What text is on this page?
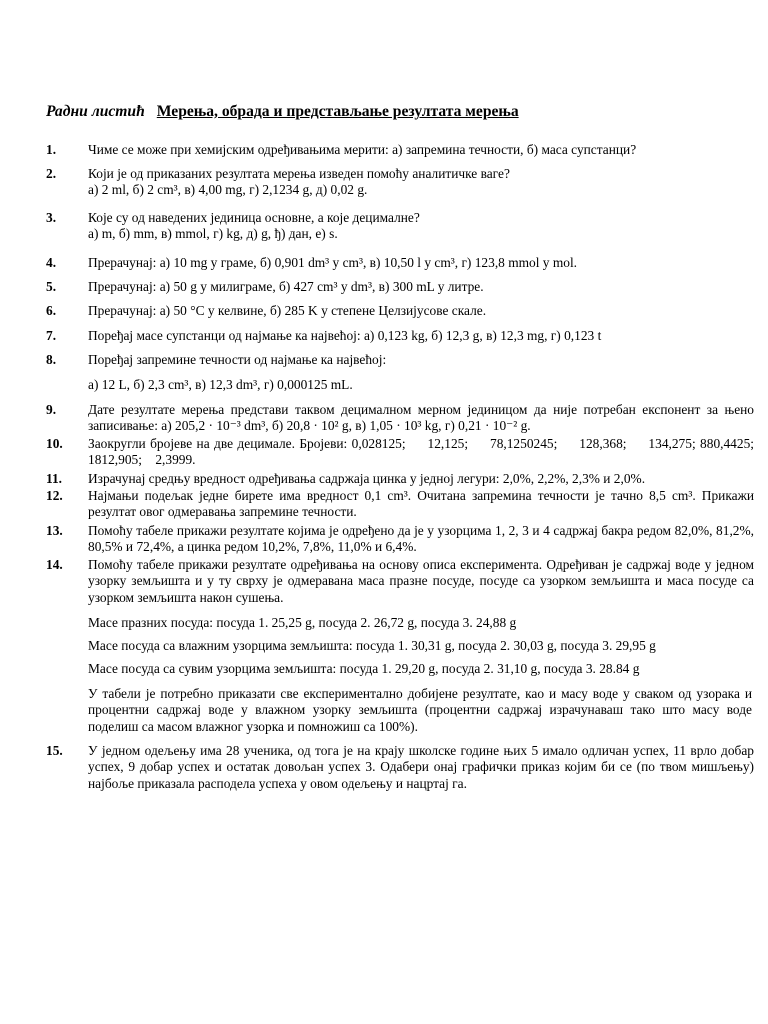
Радни листић Мерења, обрада и представљање резултата мерења
1. Чиме се може при хемијским одређивањима мерити: а) запремина течности, б) маса супстанци?
2. Који је од приказаних резултата мерења изведен помоћу аналитичке ваге?
а) 2 ml, б) 2 cm³, в) 4,00 mg, г) 2,1234 g, д) 0,02 g.
3. Које су од наведених јединица основне, а које децималне?
а) m, б) mm, в) mmol, г) kg, д) g, ђ) дан, е) s.
4. Прерачунај: а) 10 mg у граме, б) 0,901 dm³ у cm³, в) 10,50 l у cm³, г) 123,8 mmol у mol.
5. Прерачунај: а) 50 g у милиграме, б) 427 cm³ у dm³, в) 300 mL у литре.
6. Прерачунај: а) 50 °C у келвине, б) 285 K у степене Целзијусове скале.
7. Поређај масе супстанци од најмање ка највећој: а) 0,123 kg, б) 12,3 g, в) 12,3 mg, г) 0,123 t
8. Поређај запремине течности од најмање ка највећој:
а) 12 L, б) 2,3 cm³, в) 12,3 dm³, г) 0,000125 mL.
9. Дате резултате мерења представи таквом децималном мерном јединицом да није потребан експонент за њено записивање: а) 205,2 · 10⁻³ dm³, б) 20,8 · 10² g, в) 1,05 · 10³ kg, г) 0,21 · 10⁻² g.
10. Заокругли бројеве на две децимале. Бројеви: 0,028125;     12,125;     78,1250245;     128,368;     134,275; 880,4425;    1812,905;    2,3999.
11. Израчунај средњу вредност одређивања садржаја цинка у једној легури: 2,0%, 2,2%, 2,3% и 2,0%.
12. Најмањи подељак једне бирете има вредност 0,1 cm³. Очитана запремина течности је тачно 8,5 cm³. Прикажи резултат овог одмеравања запремине течности.
13. Помоћу табеле прикажи резултате којима је одређено да је у узорцима 1, 2, 3 и 4 садржај бакра редом 82,0%, 81,2%, 80,5% и 72,4%, а цинка редом 10,2%, 7,8%, 11,0% и 6,4%.
14. Помоћу табеле прикажи резултате одређивања на основу описа експеримента. Одређиван је садржај воде у једном узорку земљишта и у ту сврху је одмеравана маса празне посуде, посуде са узорком земљишта и маса посуде са узорком земљишта након сушења.
Масе празних посуда: посуда 1. 25,25 g, посуда 2. 26,72 g, посуда 3. 24,88 g
Масе посуда са влажним узорцима земљишта: посуда 1. 30,31 g, посуда 2. 30,03 g, посуда 3. 29,95 g
Масе посуда са сувим узорцима земљишта: посуда 1. 29,20 g, посуда 2. 31,10 g, посуда 3. 28.84 g
У табели је потребно приказати све експериментално добијене резултате, као и масу воде у сваком од узорака и процентни садржај воде у влажном узорку земљишта (процентни садржај израчунаваш тако што масу воде поделиш са масом влажног узорка и помножиш са 100%).
15. У једном одељењу има 28 ученика, од тога је на крају школске године њих 5 имало одличан успех, 11 врло добар успех, 9 добар успех и остатак довољан успех 3. Одабери онај графички приказ којим би се (по твом мишљењу) најбоље приказала расподела успеха у овом одељењу и нацртај га.
